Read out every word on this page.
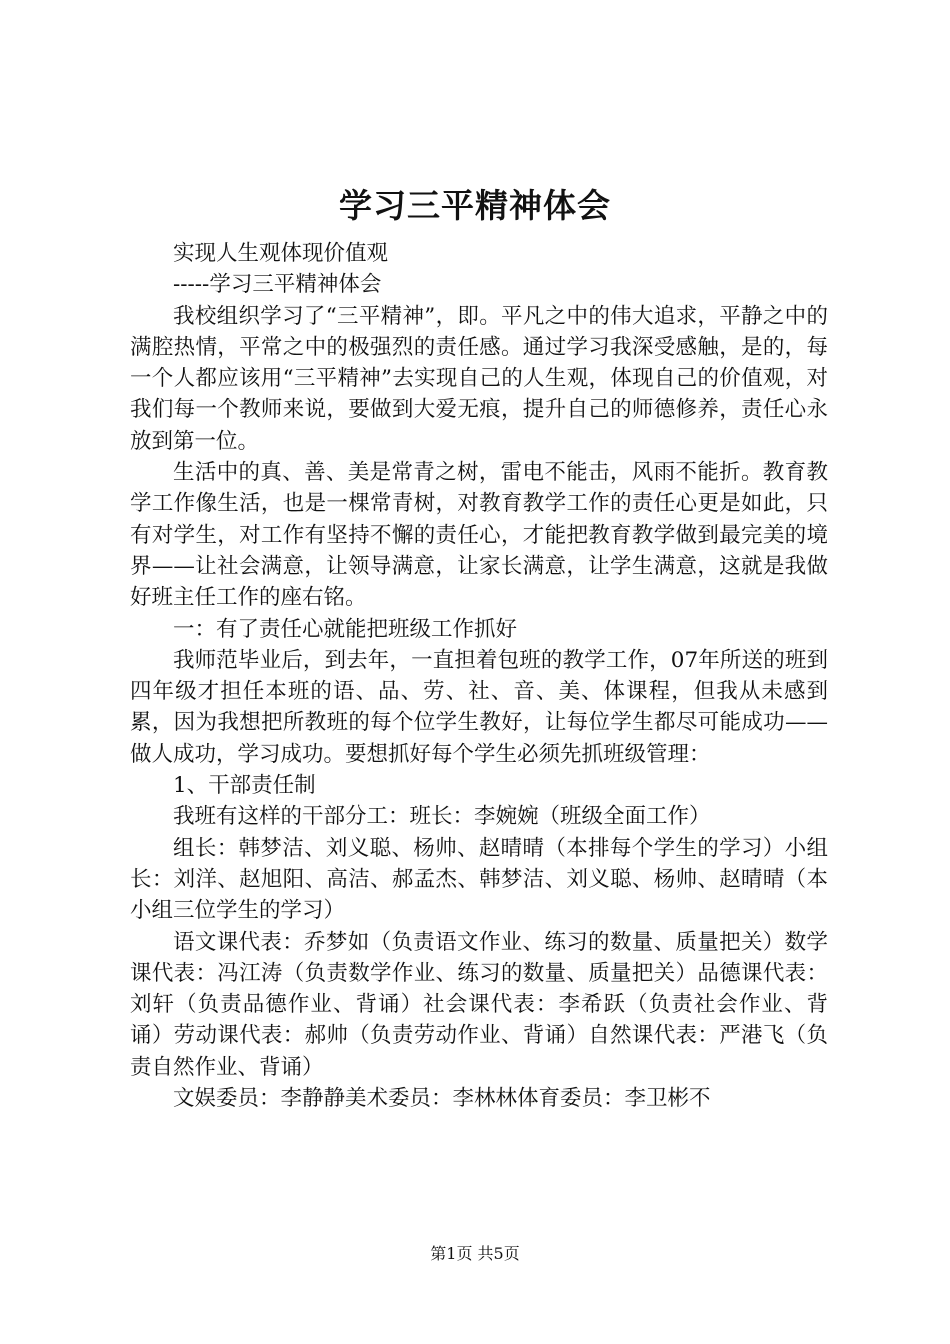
学习三平精神体会

实现人生观体现价值观

-----学习三平精神体会

我校组织学习了“三平精神”，即。平凡之中的伟大追求，平静之中的满腔热情，平常之中的极强烈的责任感。通过学习我深受感触，是的，每一个人都应该用“三平精神”去实现自己的人生观，体现自己的价值观，对我们每一个教师来说，要做到大爱无痕，提升自己的师德修养，责任心永放到第一位。

生活中的真、善、美是常青之树，雷电不能击，风雨不能折。教育教学工作像生活，也是一棵常青树，对教育教学工作的责任心更是如此，只有对学生，对工作有坚持不懈的责任心，才能把教育教学做到最完美的境界——让社会满意，让领导满意，让家长满意，让学生满意，这就是我做好班主任工作的座右铭。

一：有了责任心就能把班级工作抓好

我师范毕业后，到去年，一直担着包班的教学工作，07年所送的班到四年级才担任本班的语、品、劳、社、音、美、体课程，但我从未感到累，因为我想把所教班的每个位学生教好，让每位学生都尽可能成功——做人成功，学习成功。要想抓好每个学生必须先抓班级管理：

1、干部责任制

我班有这样的干部分工：班长：李婉婉（班级全面工作）

组长：韩梦洁、刘义聪、杨帅、赵晴晴（本排每个学生的学习）小组长：刘洋、赵旭阳、高洁、郝孟杰、韩梦洁、刘义聪、杨帅、赵晴晴（本小组三位学生的学习）

语文课代表：乔梦如（负责语文作业、练习的数量、质量把关）数学课代表：冯江涛（负责数学作业、练习的数量、质量把关）品德课代表：刘轩（负责品德作业、背诵）社会课代表：李希跃（负责社会作业、背诵）劳动课代表：郝帅（负责劳动作业、背诵）自然课代表：严港飞（负责自然作业、背诵）

文娱委员：李静静美术委员：李林林体育委员：李卫彬不

第1页 共5页
